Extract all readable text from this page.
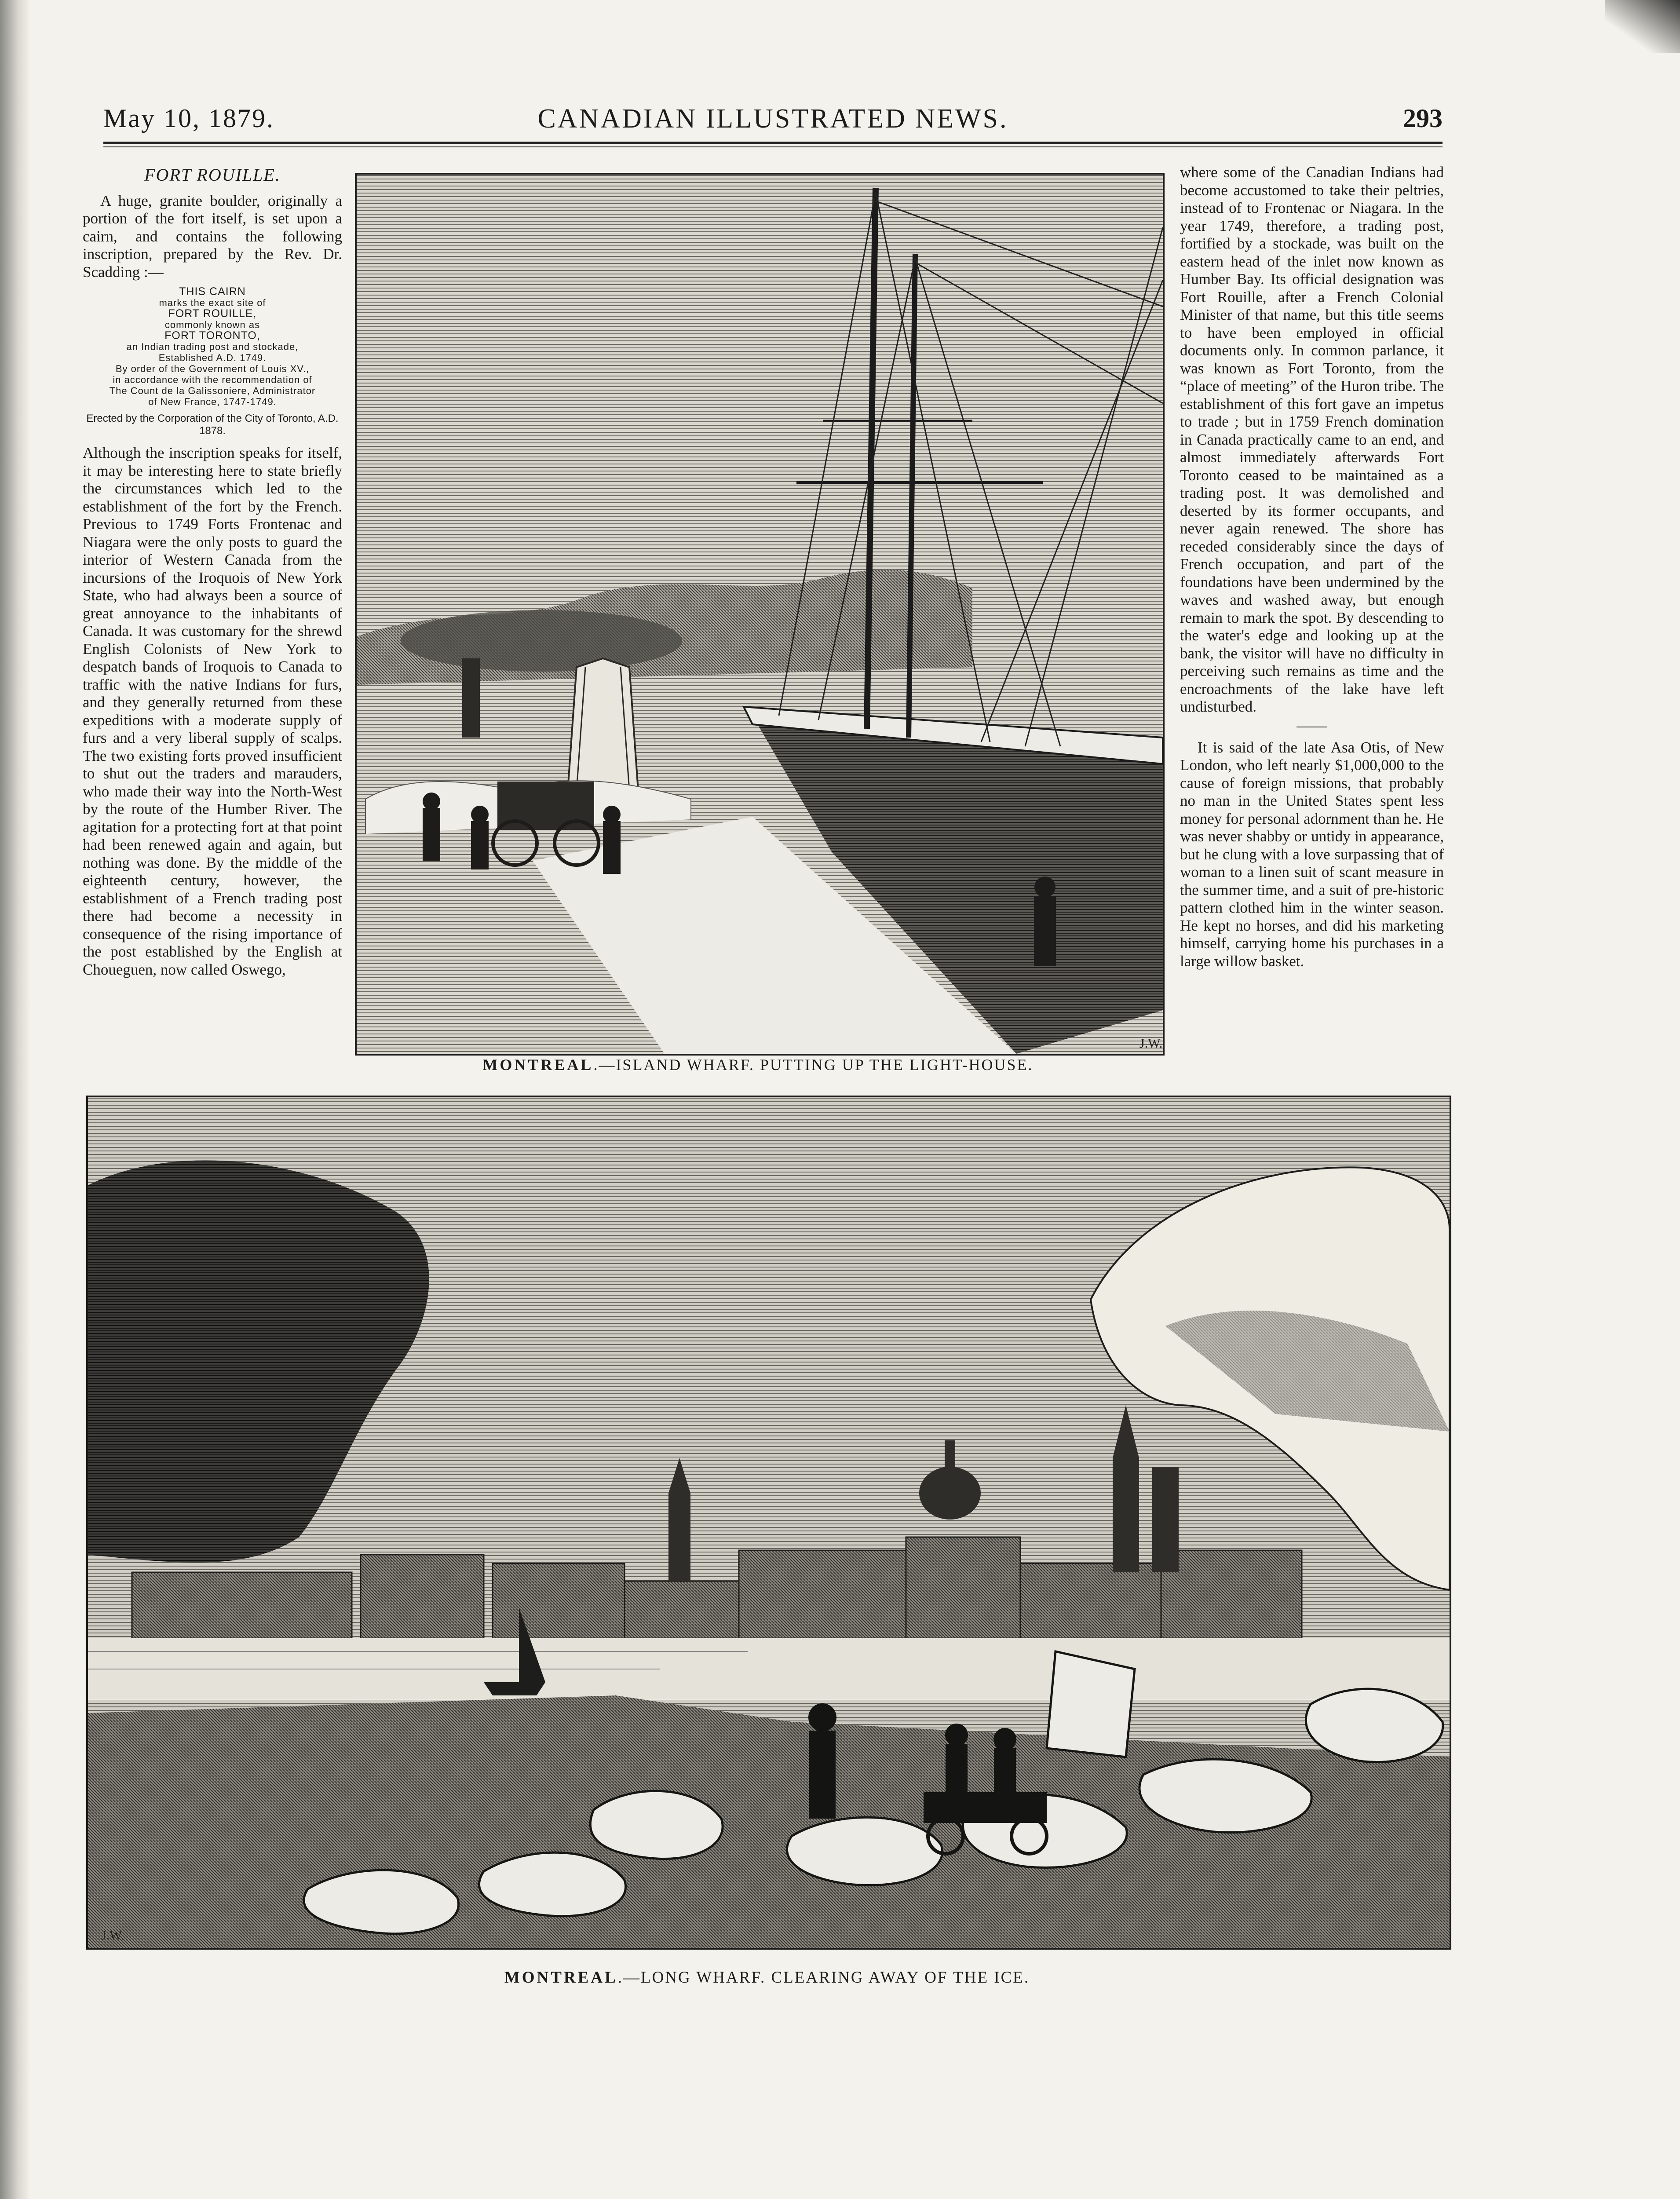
May 10, 1879.	CANADIAN ILLUSTRATED NEWS.	293
FORT ROUILLE.

A huge, granite boulder, originally a portion of the fort itself, is set upon a cairn, and contains the following inscription, prepared by the Rev. Dr. Scadding :—

THIS CAIRN
marks the exact site of
FORT ROUILLE,
commonly known as
FORT TORONTO,
an Indian trading post and stockade,
Established A.D. 1749.
By order of the Government of Louis XV.,
in accordance with the recommendation of
The Count de la Galissoniere, Administrator
of New France, 1747-1749.
Erected by the Corporation of the City of Toronto, A.D. 1878.

Although the inscription speaks for itself, it may be interesting here to state briefly the circumstances which led to the establishment of the fort by the French. Previous to 1749 Forts Frontenac and Niagara were the only posts to guard the interior of Western Canada from the incursions of the Iroquois of New York State, who had always been a source of great annoyance to the inhabitants of Canada. It was customary for the shrewd English Colonists of New York to despatch bands of Iroquois to Canada to traffic with the native Indians for furs, and they generally returned from these expeditions with a moderate supply of furs and a very liberal supply of scalps. The two existing forts proved insufficient to shut out the traders and marauders, who made their way into the North-West by the route of the Humber River. The agitation for a protecting fort at that point had been renewed again and again, but nothing was done. By the middle of the eighteenth century, however, the establishment of a French trading post there had become a necessity in consequence of the rising importance of the post established by the English at Choueguen, now called Oswego,

J.W.
MONTREAL.—ISLAND WHARF. PUTTING UP THE LIGHT-HOUSE.

where some of the Canadian Indians had become accustomed to take their peltries, instead of to Frontenac or Niagara. In the year 1749, therefore, a trading post, fortified by a stockade, was built on the eastern head of the inlet now known as Humber Bay. Its official designation was Fort Rouille, after a French Colonial Minister of that name, but this title seems to have been employed in official documents only. In common parlance, it was known as Fort Toronto, from the “place of meeting” of the Huron tribe. The establishment of this fort gave an impetus to trade ; but in 1759 French domination in Canada practically came to an end, and almost immediately afterwards Fort Toronto ceased to be maintained as a trading post. It was demolished and deserted by its former occupants, and never again renewed. The shore has receded considerably since the days of French occupation, and part of the foundations have been undermined by the waves and washed away, but enough remain to mark the spot. By descending to the water's edge and looking up at the bank, the visitor will have no difficulty in perceiving such remains as time and the encroachments of the lake have left undisturbed.

It is said of the late Asa Otis, of New London, who left nearly $1,000,000 to the cause of foreign missions, that probably no man in the United States spent less money for personal adornment than he. He was never shabby or untidy in appearance, but he clung with a love surpassing that of woman to a linen suit of scant measure in the summer time, and a suit of pre-historic pattern clothed him in the winter season. He kept no horses, and did his marketing himself, carrying home his purchases in a large willow basket.

J.W.
MONTREAL.—LONG WHARF. CLEARING AWAY OF THE ICE.
